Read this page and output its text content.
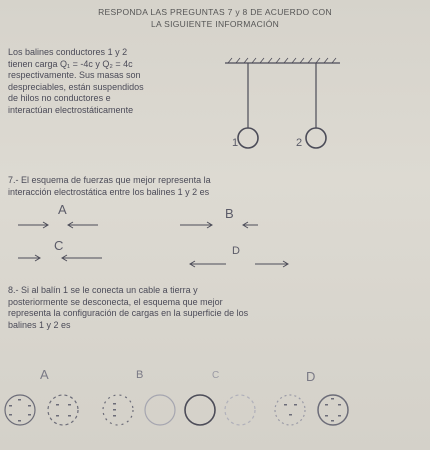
RESPONDA LAS PREGUNTAS 7 y 8 DE ACUERDO CON
LA SIGUIENTE INFORMACIÓN
Los balines conductores 1 y 2
tienen carga Q₁ = -4c y Q₂ = 4c
respectivamente. Sus masas son
despreciables, están suspendidos
de hilos no conductores e
interactúan electrostáticamente
1	2
7.- El esquema de fuerzas que mejor representa la
interacción electrostática entre los balines 1 y 2 es
A	B
C	D
8.- Si al balín 1 se le conecta un cable a tierra y
posteriormente se desconecta, el esquema que mejor
representa la configuración de cargas en la superficie de los
balines 1 y 2 es
A	B	C	D
